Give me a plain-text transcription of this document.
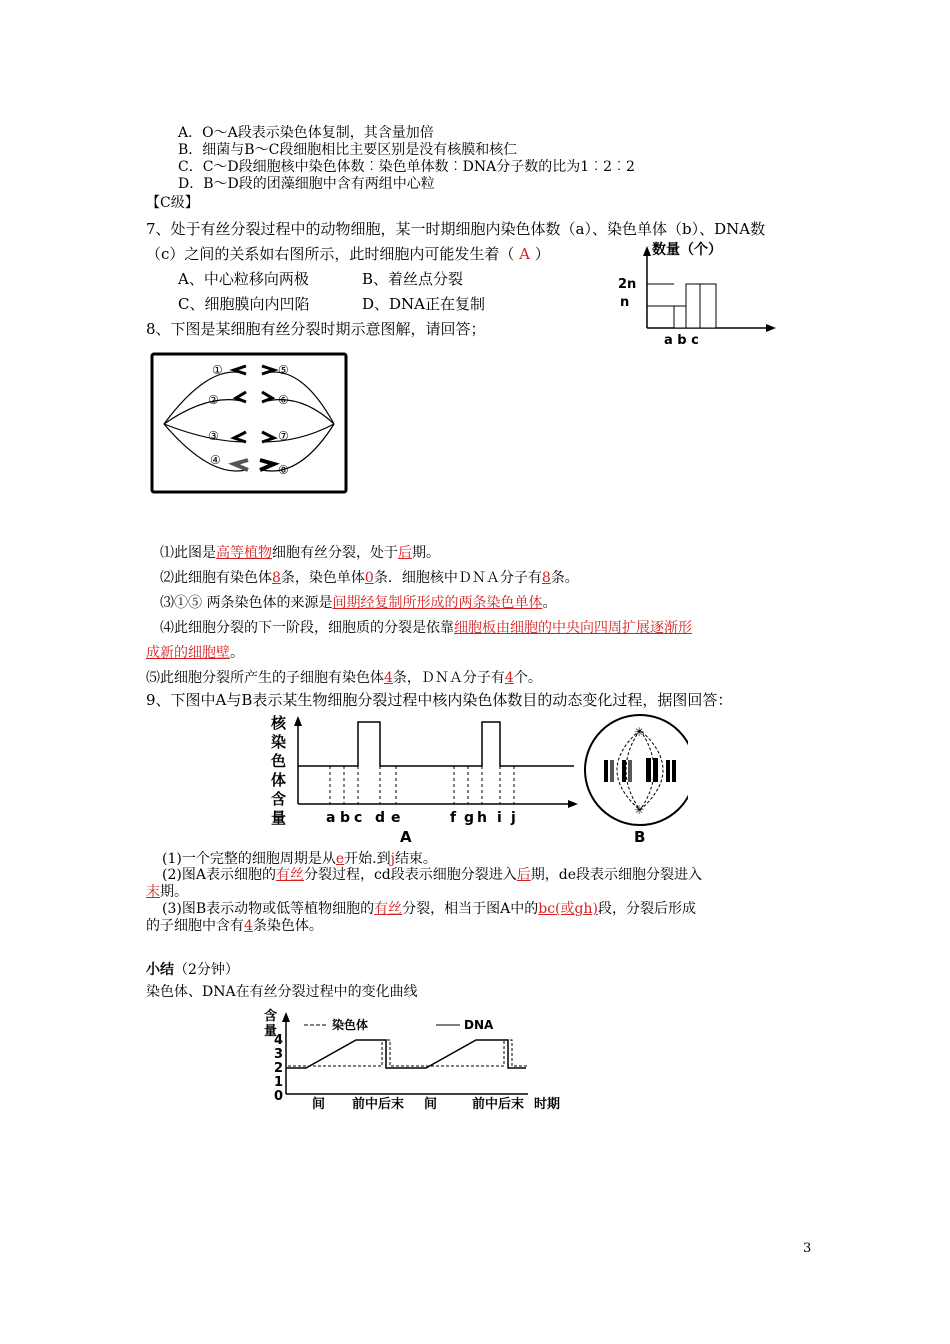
A．O～A段表示染色体复制，其含量加倍
B．细菌与B～C段细胞相比主要区别是没有核膜和核仁
C．C～D段细胞核中染色体数︰染色单体数︰DNA分子数的比为1︰2︰2
D．B～D段的团藻细胞中含有两组中心粒
【C级】
7、处于有丝分裂过程中的动物细胞，某一时期细胞内染色体数（a）、染色单体（b）、DNA数
（c）之间的关系如右图所示，此时细胞内可能发生着（ A ）
A、中心粒移向两极	B、着丝点分裂
C、细胞膜向内凹陷	D、DNA正在复制
数量（个）
2n
n
a b c
8、下图是某细胞有丝分裂时期示意图解，请回答；
①
②
③
④
⑤
⑥
⑦
⑧
⑴此图是高等植物细胞有丝分裂，处于后期。
⑵此细胞有染色体8条，染色单体0条．细胞核中ＤＮＡ分子有8条。
⑶①⑤ 两条染色体的来源是间期经复制所形成的两条染色单体。
⑷此细胞分裂的下一阶段，细胞质的分裂是依靠细胞板由细胞的中央向四周扩展逐渐形
成新的细胞壁。
⑸此细胞分裂所产生的子细胞有染色体4条，ＤＮＡ分子有4个。
9、下图中A与B表示某生物细胞分裂过程中核内染色体数目的动态变化过程，据图回答：
核
染
色
体
含
量	a b c d e	f g h i j
A
✳
✳
B
(1)一个完整的细胞周期是从e开始.到j结束。
(2)图A表示细胞的有丝分裂过程，cd段表示细胞分裂进入后期，de段表示细胞分裂进入
末期。
(3)图B表示动物或低等植物细胞的有丝分裂，相当于图A中的bc(或gh)段，分裂后形成
的子细胞中含有4条染色体。
小结（2分钟）
染色体、DNA在有丝分裂过程中的变化曲线
含
量
4
3
2
1
0
染色体	DNA
间 前中后末 间	前中后末 时期
3
